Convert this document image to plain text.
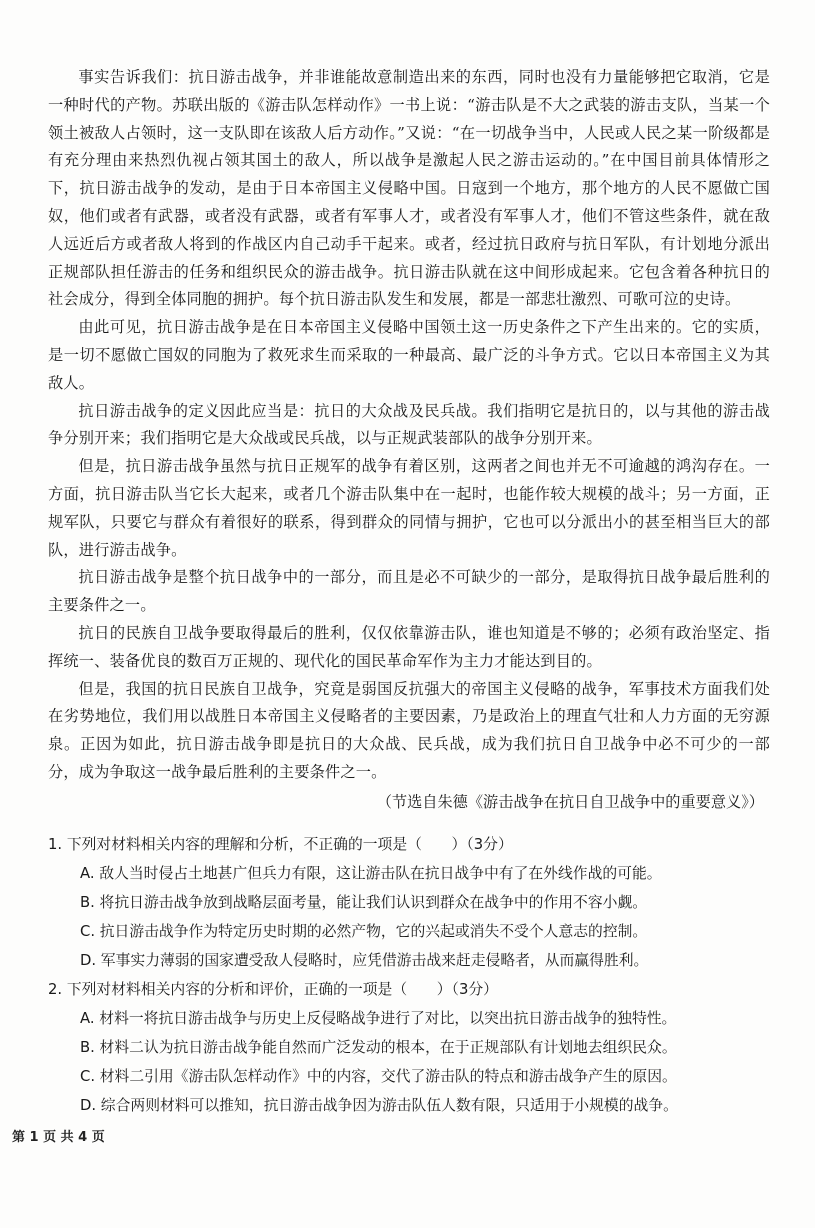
事实告诉我们：抗日游击战争，并非谁能故意制造出来的东西，同时也没有力量能够把它取消，它是一种时代的产物。苏联出版的《游击队怎样动作》一书上说：“游击队是不大之武装的游击支队，当某一个领土被敌人占领时，这一支队即在该敌人后方动作。”又说：“在一切战争当中，人民或人民之某一阶级都是有充分理由来热烈仇视占领其国土的敌人，所以战争是激起人民之游击运动的。”在中国目前具体情形之下，抗日游击战争的发动，是由于日本帝国主义侵略中国。日寇到一个地方，那个地方的人民不愿做亡国奴，他们或者有武器，或者没有武器，或者有军事人才，或者没有军事人才，他们不管这些条件，就在敌人远近后方或者敌人将到的作战区内自己动手干起来。或者，经过抗日政府与抗日军队，有计划地分派出正规部队担任游击的任务和组织民众的游击战争。抗日游击队就在这中间形成起来。它包含着各种抗日的社会成分，得到全体同胞的拥护。每个抗日游击队发生和发展，都是一部悲壮激烈、可歌可泣的史诗。

由此可见，抗日游击战争是在日本帝国主义侵略中国领土这一历史条件之下产生出来的。它的实质，是一切不愿做亡国奴的同胞为了救死求生而采取的一种最高、最广泛的斗争方式。它以日本帝国主义为其敌人。

抗日游击战争的定义因此应当是：抗日的大众战及民兵战。我们指明它是抗日的，以与其他的游击战争分别开来；我们指明它是大众战或民兵战，以与正规武装部队的战争分别开来。

但是，抗日游击战争虽然与抗日正规军的战争有着区别，这两者之间也并无不可逾越的鸿沟存在。一方面，抗日游击队当它长大起来，或者几个游击队集中在一起时，也能作较大规模的战斗；另一方面，正规军队，只要它与群众有着很好的联系，得到群众的同情与拥护，它也可以分派出小的甚至相当巨大的部队，进行游击战争。

抗日游击战争是整个抗日战争中的一部分，而且是必不可缺少的一部分，是取得抗日战争最后胜利的主要条件之一。

抗日的民族自卫战争要取得最后的胜利，仅仅依靠游击队，谁也知道是不够的；必须有政治坚定、指挥统一、装备优良的数百万正规的、现代化的国民革命军作为主力才能达到目的。

但是，我国的抗日民族自卫战争，究竟是弱国反抗强大的帝国主义侵略的战争，军事技术方面我们处在劣势地位，我们用以战胜日本帝国主义侵略者的主要因素，乃是政治上的理直气壮和人力方面的无穷源泉。正因为如此，抗日游击战争即是抗日的大众战、民兵战，成为我们抗日自卫战争中必不可少的一部分，成为争取这一战争最后胜利的主要条件之一。

（节选自朱德《游击战争在抗日自卫战争中的重要意义》）

1. 下列对材料相关内容的理解和分析，不正确的一项是（　　）（3分）

A. 敌人当时侵占土地甚广但兵力有限，这让游击队在抗日战争中有了在外线作战的可能。

B. 将抗日游击战争放到战略层面考量，能让我们认识到群众在战争中的作用不容小觑。

C. 抗日游击战争作为特定历史时期的必然产物，它的兴起或消失不受个人意志的控制。

D. 军事实力薄弱的国家遭受敌人侵略时，应凭借游击战来赶走侵略者，从而赢得胜利。

2. 下列对材料相关内容的分析和评价，正确的一项是（　　）（3分）

A. 材料一将抗日游击战争与历史上反侵略战争进行了对比，以突出抗日游击战争的独特性。

B. 材料二认为抗日游击战争能自然而广泛发动的根本，在于正规部队有计划地去组织民众。

C. 材料二引用《游击队怎样动作》中的内容，交代了游击队的特点和游击战争产生的原因。

D. 综合两则材料可以推知，抗日游击战争因为游击队伍人数有限，只适用于小规模的战争。

第 1 页 共 4 页
